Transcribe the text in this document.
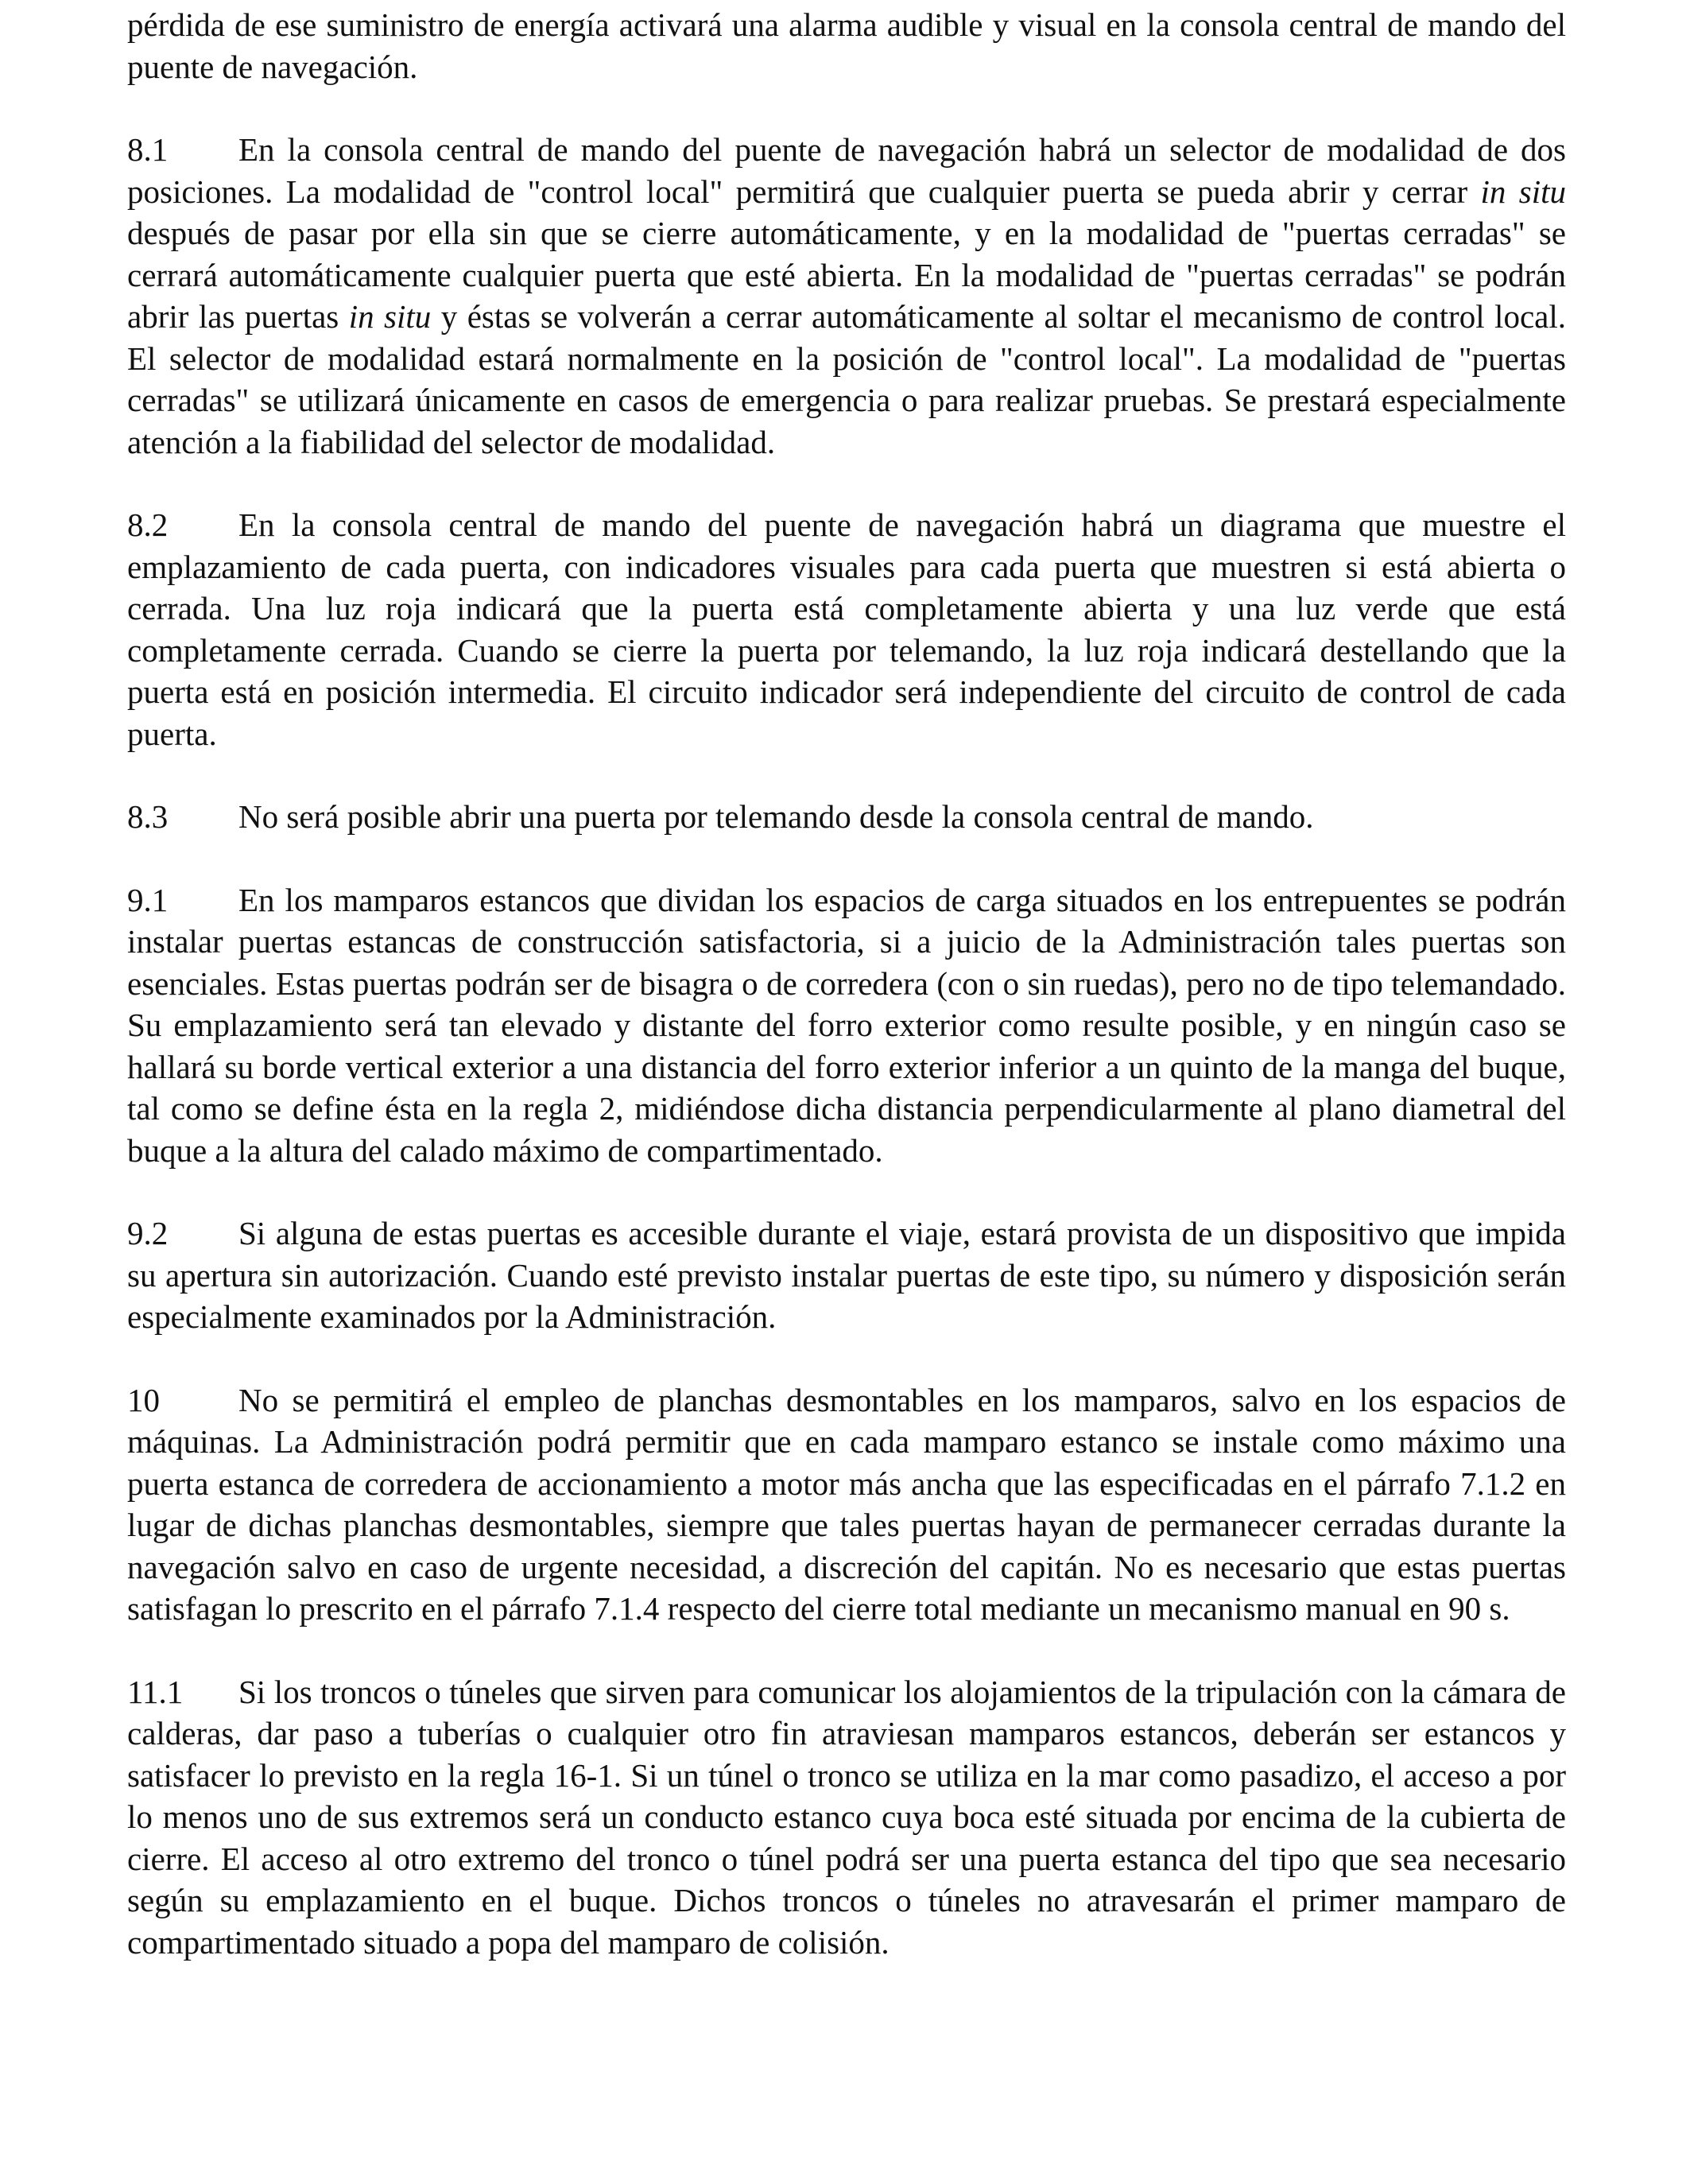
pérdida de ese suministro de energía activará una alarma audible y visual en la consola central de mando del puente de navegación.

8.1 En la consola central de mando del puente de navegación habrá un selector de modalidad de dos posiciones. La modalidad de "control local" permitirá que cualquier puerta se pueda abrir y cerrar in situ después de pasar por ella sin que se cierre automáticamente, y en la modalidad de "puertas cerradas" se cerrará automáticamente cualquier puerta que esté abierta. En la modalidad de "puertas cerradas" se podrán abrir las puertas in situ y éstas se volverán a cerrar automáticamente al soltar el mecanismo de control local. El selector de modalidad estará normalmente en la posición de "control local". La modalidad de "puertas cerradas" se utilizará únicamente en casos de emergencia o para realizar pruebas. Se prestará especialmente atención a la fiabilidad del selector de modalidad.

8.2 En la consola central de mando del puente de navegación habrá un diagrama que muestre el emplazamiento de cada puerta, con indicadores visuales para cada puerta que muestren si está abierta o cerrada. Una luz roja indicará que la puerta está completamente abierta y una luz verde que está completamente cerrada. Cuando se cierre la puerta por telemando, la luz roja indicará destellando que la puerta está en posición intermedia. El circuito indicador será independiente del circuito de control de cada puerta.

8.3 No será posible abrir una puerta por telemando desde la consola central de mando.

9.1 En los mamparos estancos que dividan los espacios de carga situados en los entrepuentes se podrán instalar puertas estancas de construcción satisfactoria, si a juicio de la Administración tales puertas son esenciales. Estas puertas podrán ser de bisagra o de corredera (con o sin ruedas), pero no de tipo telemandado. Su emplazamiento será tan elevado y distante del forro exterior como resulte posible, y en ningún caso se hallará su borde vertical exterior a una distancia del forro exterior inferior a un quinto de la manga del buque, tal como se define ésta en la regla 2, midiéndose dicha distancia perpendicularmente al plano diametral del buque a la altura del calado máximo de compartimentado.

9.2 Si alguna de estas puertas es accesible durante el viaje, estará provista de un dispositivo que impida su apertura sin autorización. Cuando esté previsto instalar puertas de este tipo, su número y disposición serán especialmente examinados por la Administración.

10 No se permitirá el empleo de planchas desmontables en los mamparos, salvo en los espacios de máquinas. La Administración podrá permitir que en cada mamparo estanco se instale como máximo una puerta estanca de corredera de accionamiento a motor más ancha que las especificadas en el párrafo 7.1.2 en lugar de dichas planchas desmontables, siempre que tales puertas hayan de permanecer cerradas durante la navegación salvo en caso de urgente necesidad, a discreción del capitán. No es necesario que estas puertas satisfagan lo prescrito en el párrafo 7.1.4 respecto del cierre total mediante un mecanismo manual en 90 s.

11.1 Si los troncos o túneles que sirven para comunicar los alojamientos de la tripulación con la cámara de calderas, dar paso a tuberías o cualquier otro fin atraviesan mamparos estancos, deberán ser estancos y satisfacer lo previsto en la regla 16-1. Si un túnel o tronco se utiliza en la mar como pasadizo, el acceso a por lo menos uno de sus extremos será un conducto estanco cuya boca esté situada por encima de la cubierta de cierre. El acceso al otro extremo del tronco o túnel podrá ser una puerta estanca del tipo que sea necesario según su emplazamiento en el buque. Dichos troncos o túneles no atravesarán el primer mamparo de compartimentado situado a popa del mamparo de colisión.
